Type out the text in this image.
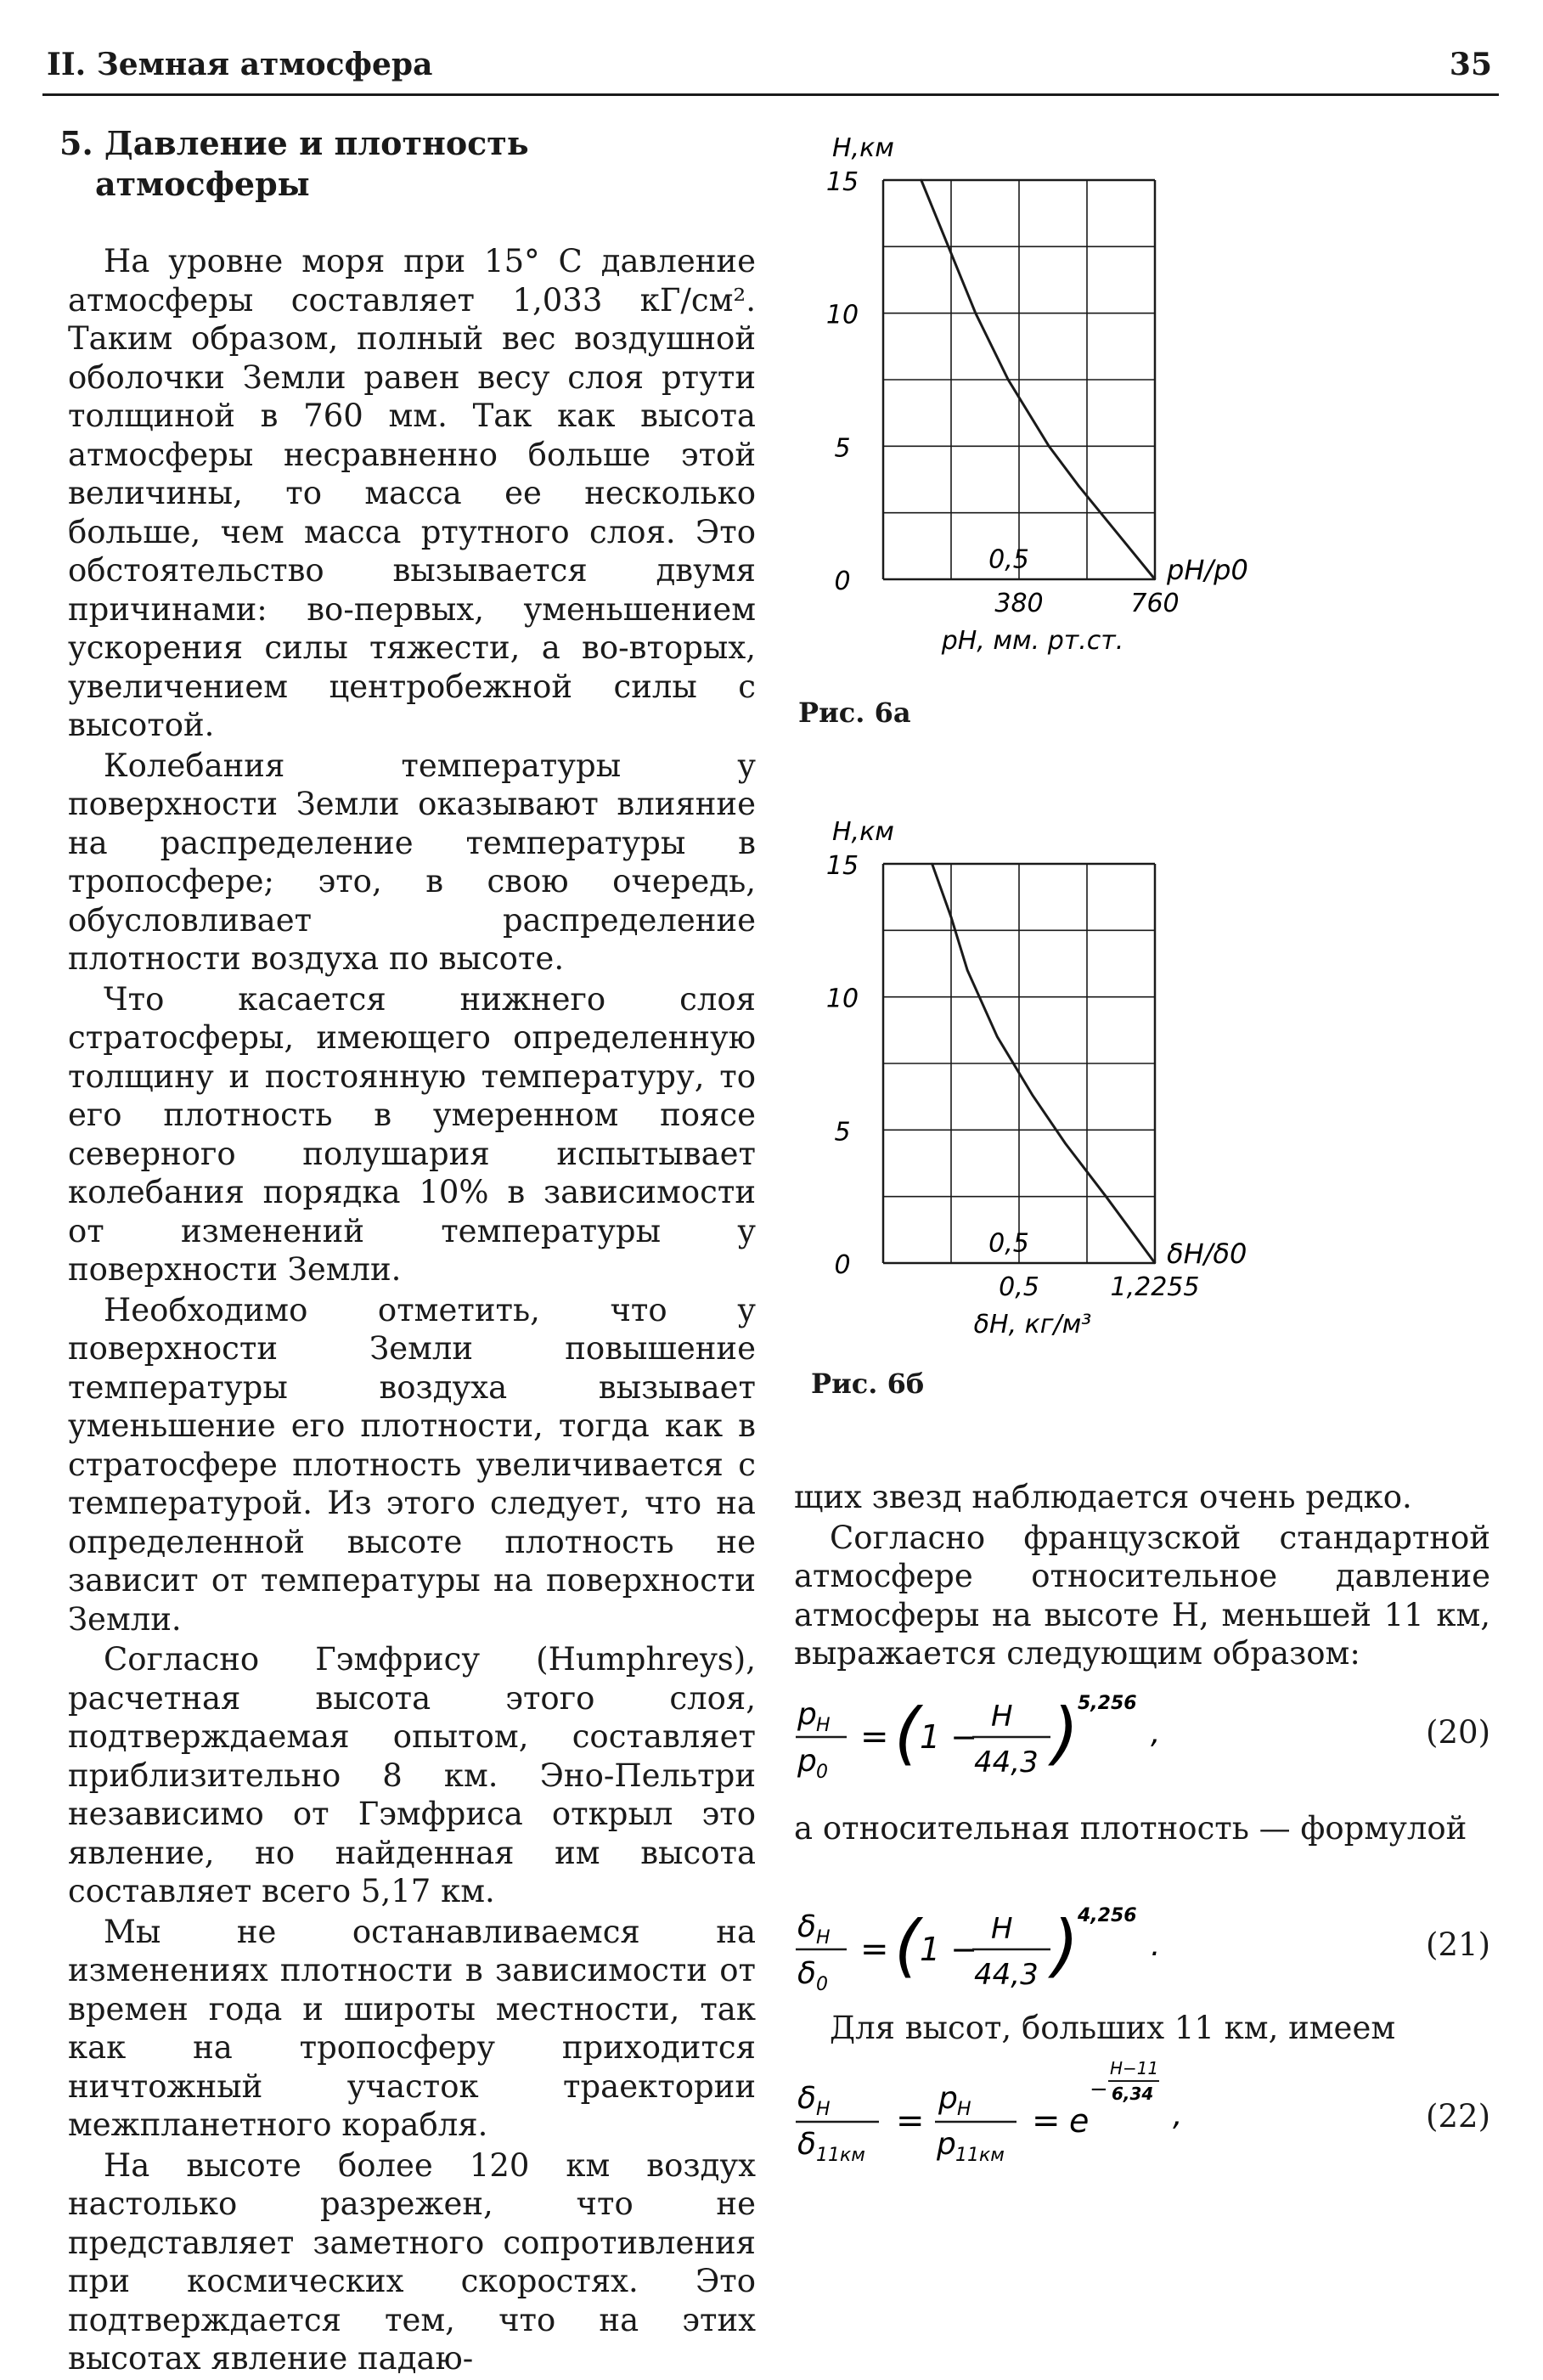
II. Земная атмосфера	35
5. Давление и плотность
атмосферы

На уровне моря при 15° С давление атмосферы составляет 1,033 кГ/см². Таким образом, полный вес воздушной оболочки Земли равен весу слоя ртути толщиной в 760 мм. Так как высота атмосферы несравненно больше этой величины, то масса ее несколько больше, чем масса ртутного слоя. Это обстоятельство вызывается двумя причинами: во-первых, уменьшением ускорения силы тяжести, а во-вторых, увеличением центробежной силы с высотой.

Колебания температуры у поверхности Земли оказывают влияние на распределение температуры в тропосфере; это, в свою очередь, обусловливает распределение плотности воздуха по высоте.

Что касается нижнего слоя стратосферы, имеющего определенную толщину и постоянную температуру, то его плотность в умеренном поясе северного полушария испытывает колебания порядка 10% в зависимости от изменений температуры у поверхности Земли.

Необходимо отметить, что у поверхности Земли повышение температуры воздуха вызывает уменьшение его плотности, тогда как в стратосфере плотность увеличивается с температурой. Из этого следует, что на определенной высоте плотность не зависит от температуры на поверхности Земли.

Согласно Гэмфрису (Humphreys), расчетная высота этого слоя, подтверждаемая опытом, составляет приблизительно 8 км. Эно-Пельтри независимо от Гэмфриса открыл это явление, но найденная им высота составляет всего 5,17 км.

Мы не останавливаемся на изменениях плотности в зависимости от времен года и широты местности, так как на тропосферу приходится ничтожный участок траектории межпланетного корабля.

На высоте более 120 км воздух настолько разрежен, что не представляет заметного сопротивления при космических скоростях. Это подтверждается тем, что на этих высотах явление падаю-

Н,км
0
5
10
15
0,5	рН/р0
380	760
рН, мм. рт.ст.
Рис. 6а
Н,км
0
5
10
15
0,5	δН/δ0
0,5	1,2255
δН, кг/м³
Рис. 6б

щих звезд наблюдается очень редко.

Согласно французской стандартной атмосфере относительное давление атмосферы на высоте H, меньшей 11 км, выражается следующим образом:

p H
p 0
= (
1 −
H
44,3 )
5,256
,	(20)

а относительная плотность — формулой

δ H
δ 0
= (
1 −
H
44,3 )
4,256
.	(21)

Для высот, больших 11 км, имеем

δ H
δ 11км
=
p H
p 11км
= e
−
H−11
6,34
,	(22)
